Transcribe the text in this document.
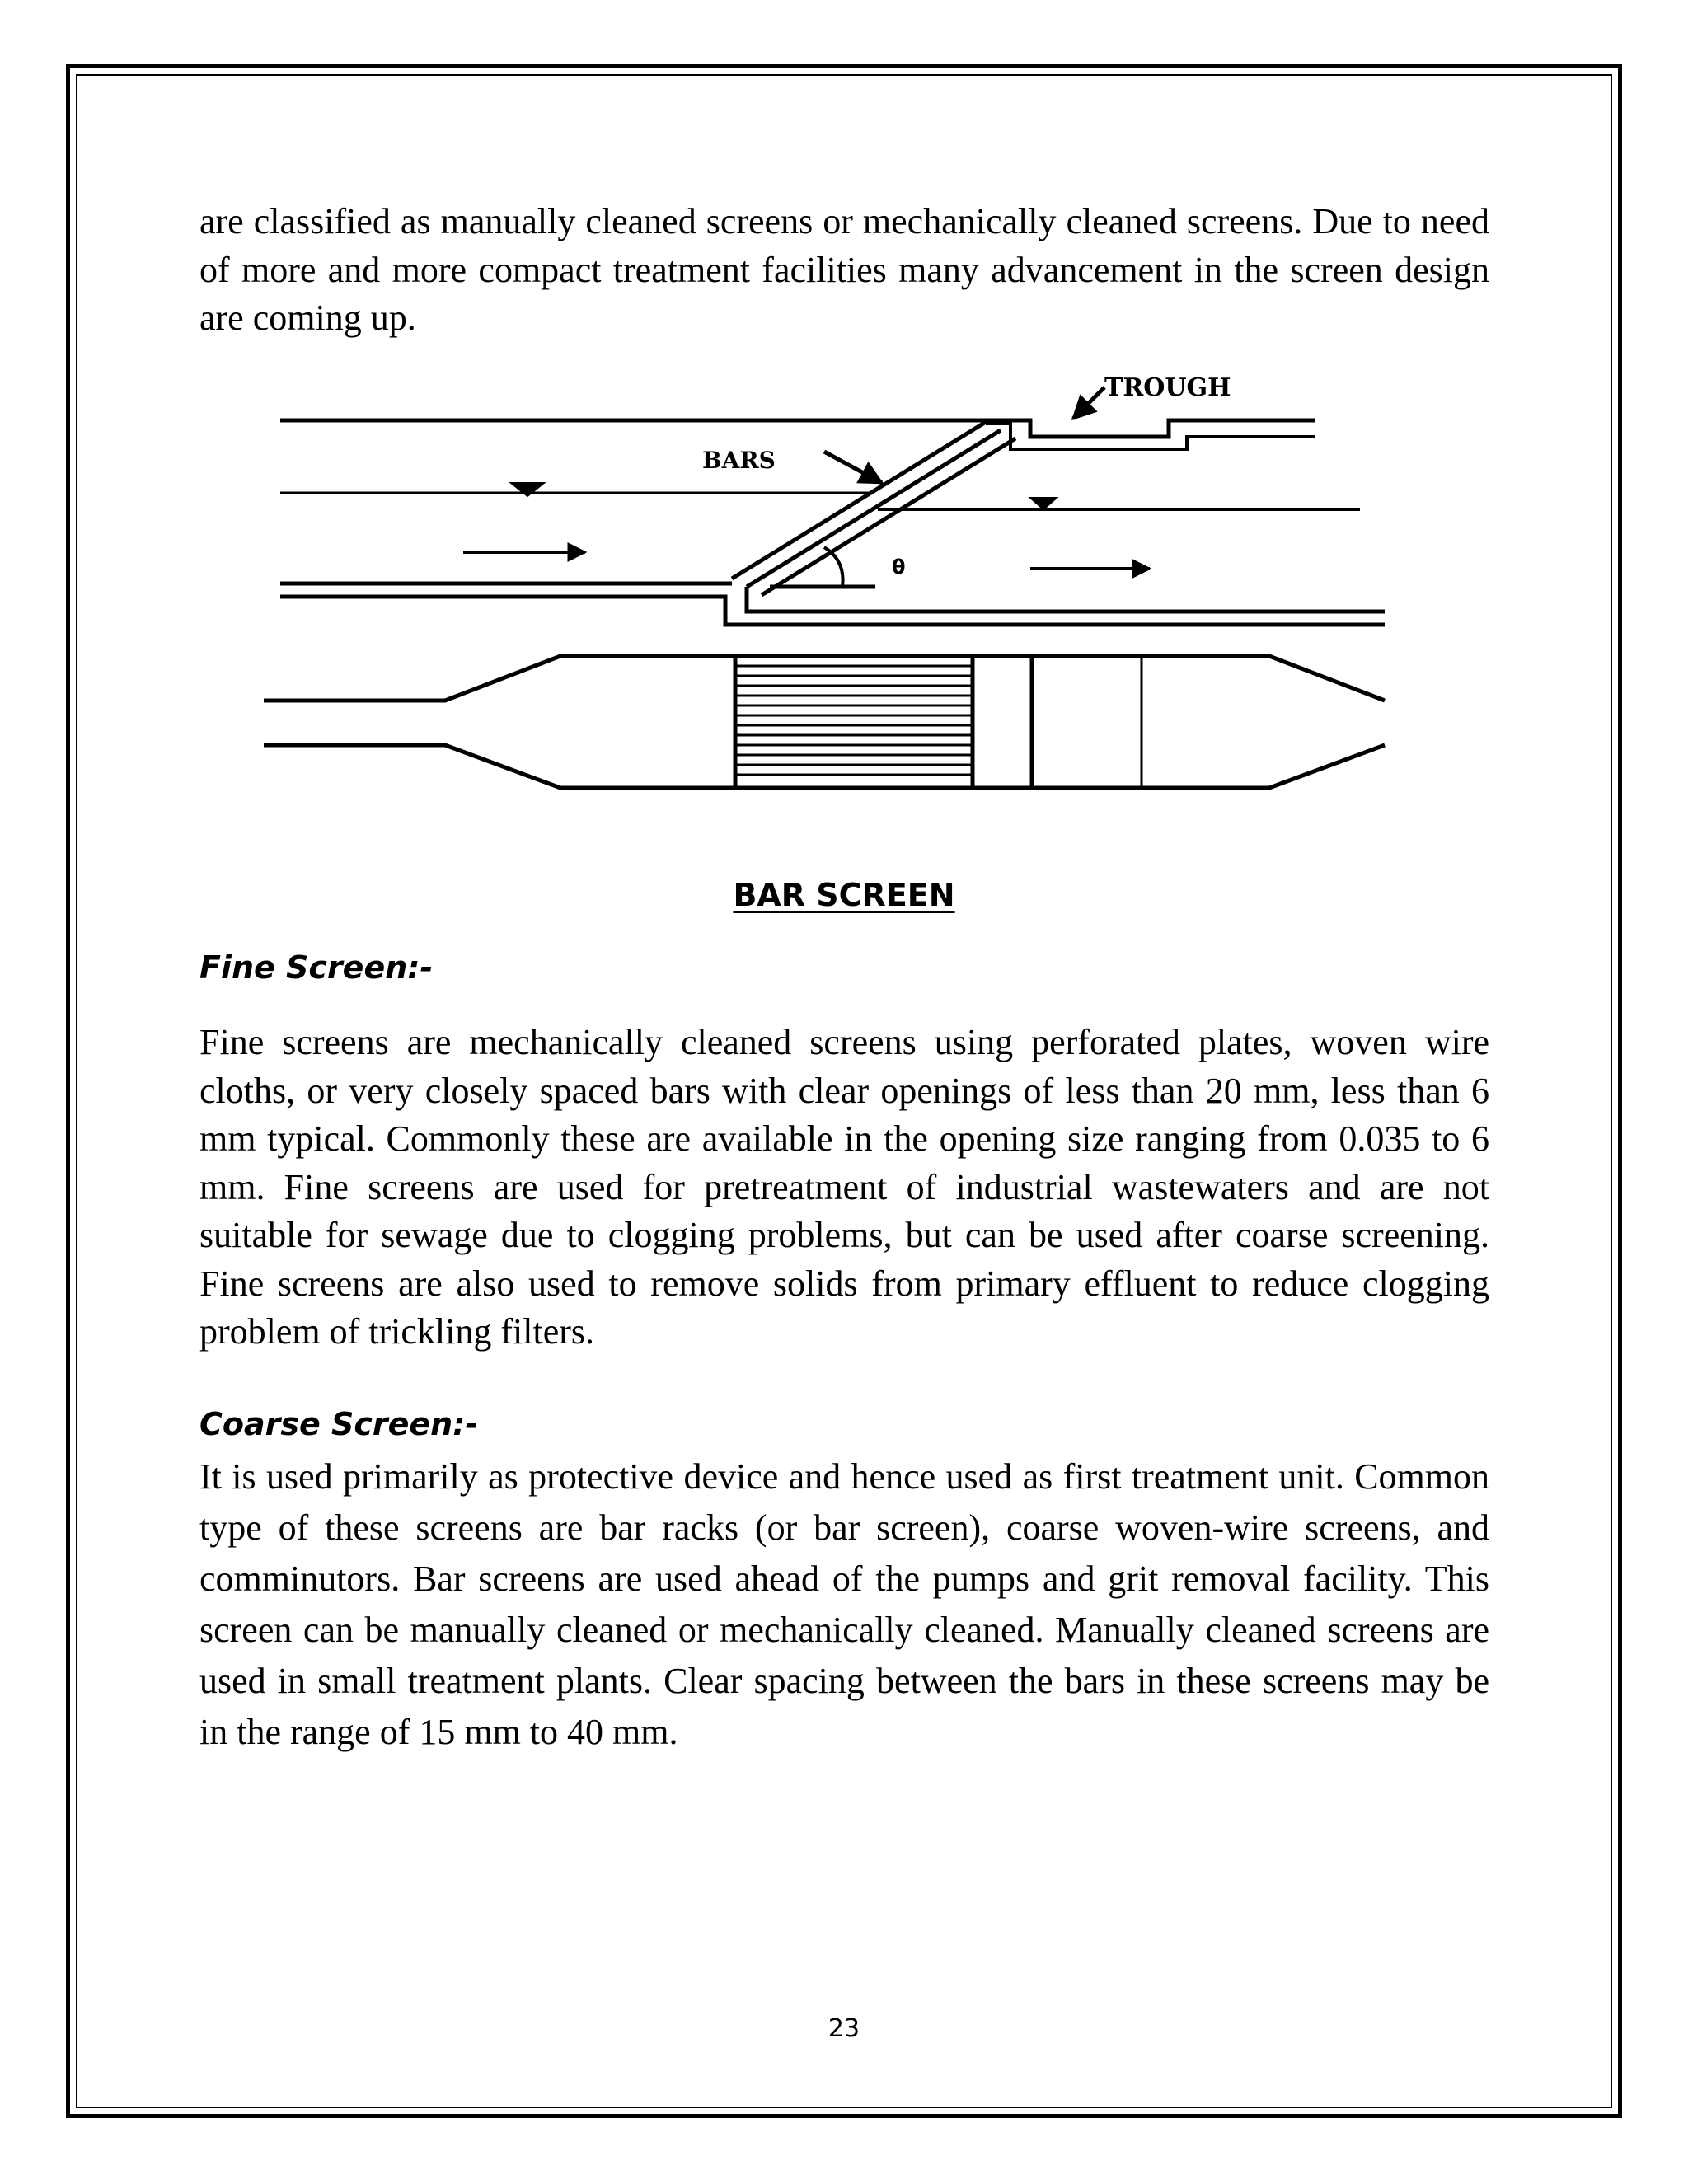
are classified as manually cleaned screens or mechanically cleaned screens. Due to need of more and more compact treatment facilities many advancement in the screen design are coming up.

TROUGH
BARS
θ

BAR SCREEN

Fine Screen:-

Fine screens are mechanically cleaned screens using perforated plates, woven wire cloths, or very closely spaced bars with clear openings of less than 20 mm, less than 6 mm typical. Commonly these are available in the opening size ranging from 0.035 to 6 mm. Fine screens are used for pretreatment of industrial wastewaters and are not suitable for sewage due to clogging problems, but can be used after coarse screening. Fine screens are also used to remove solids from primary effluent to reduce clogging problem of trickling filters.

Coarse Screen:-

It is used primarily as protective device and hence used as first treatment unit. Common type of these screens are bar racks (or bar screen), coarse woven-wire screens, and comminutors. Bar screens are used ahead of the pumps and grit removal facility. This screen can be manually cleaned or mechanically cleaned. Manually cleaned screens are used in small treatment plants. Clear spacing between the bars in these screens may be in the range of 15 mm to 40 mm.

23
